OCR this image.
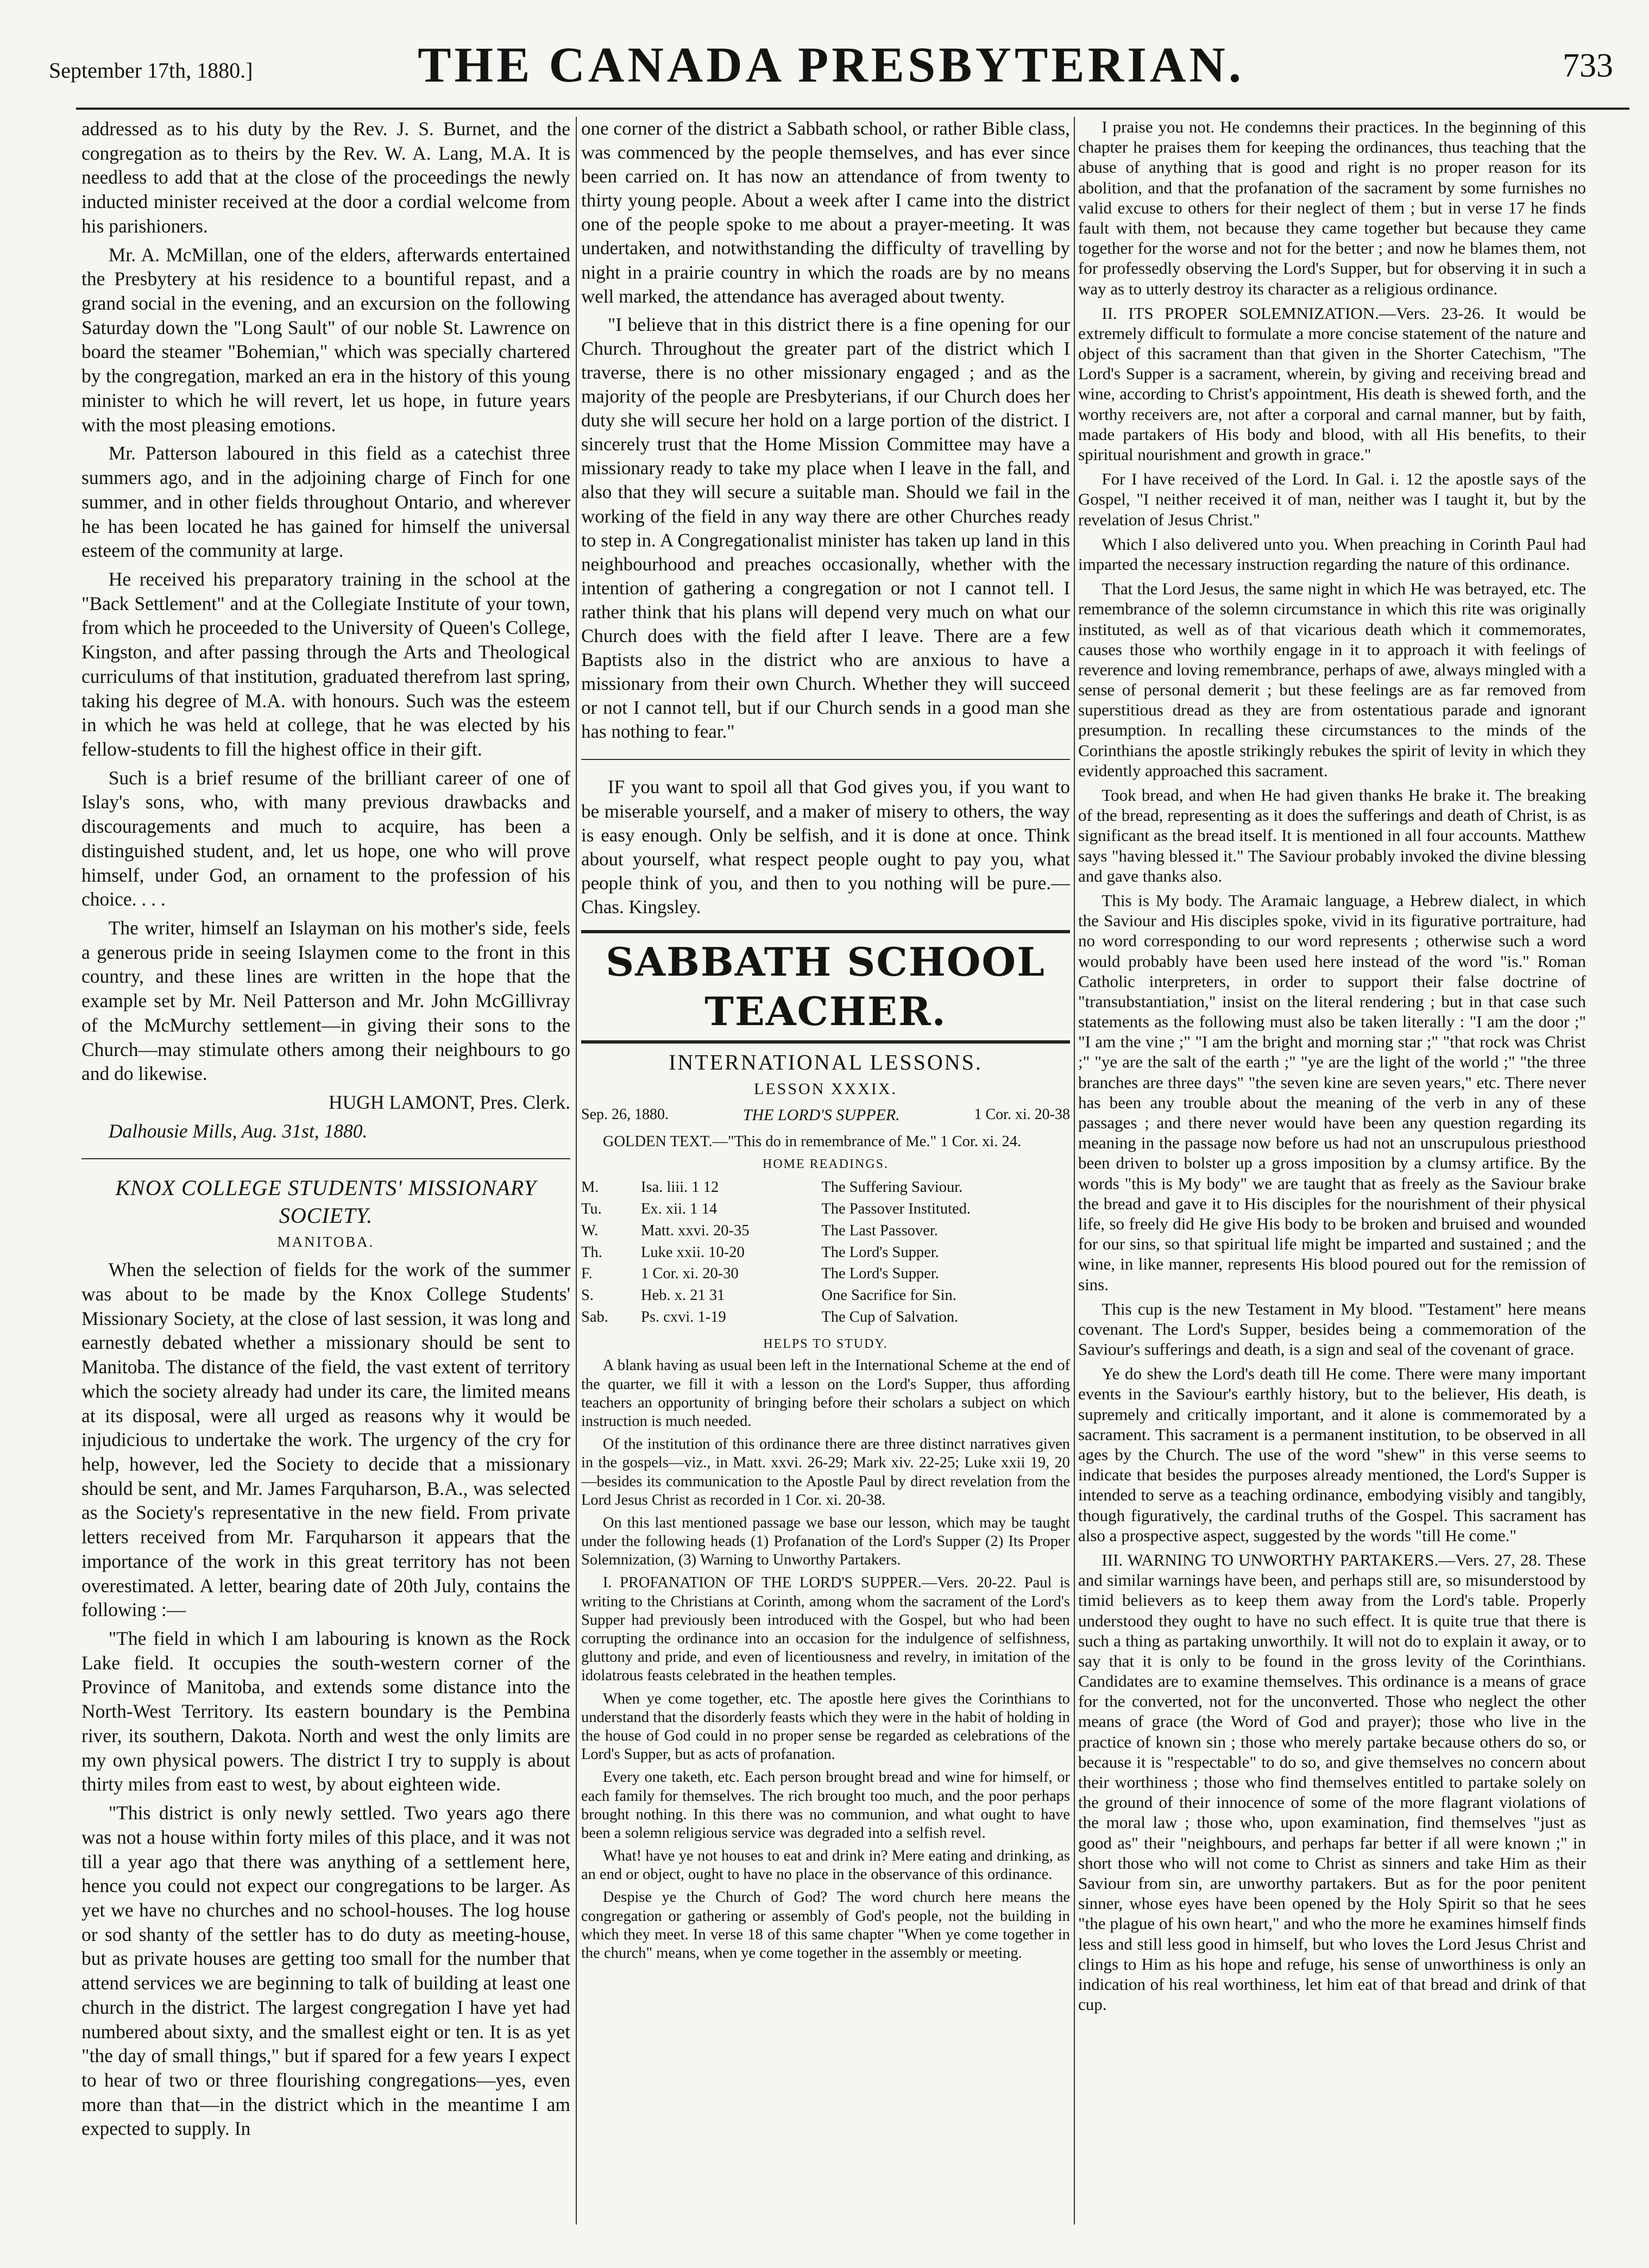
September 17th, 1880.]	THE CANADA PRESBYTERIAN.	733

addressed as to his duty by the Rev. J. S. Burnet, and the congregation as to theirs by the Rev. W. A. Lang, M.A. It is needless to add that at the close of the proceedings the newly inducted minister received at the door a cordial welcome from his parishioners.

Mr. A. McMillan, one of the elders, afterwards entertained the Presbytery at his residence to a bountiful repast, and a grand social in the evening, and an excursion on the following Saturday down the "Long Sault" of our noble St. Lawrence on board the steamer "Bohemian," which was specially chartered by the congregation, marked an era in the history of this young minister to which he will revert, let us hope, in future years with the most pleasing emotions.

Mr. Patterson laboured in this field as a catechist three summers ago, and in the adjoining charge of Finch for one summer, and in other fields throughout Ontario, and wherever he has been located he has gained for himself the universal esteem of the community at large.

He received his preparatory training in the school at the "Back Settlement" and at the Collegiate Institute of your town, from which he proceeded to the University of Queen's College, Kingston, and after passing through the Arts and Theological curriculums of that institution, graduated therefrom last spring, taking his degree of M.A. with honours. Such was the esteem in which he was held at college, that he was elected by his fellow-students to fill the highest office in their gift.

Such is a brief resume of the brilliant career of one of Islay's sons, who, with many previous drawbacks and discouragements and much to acquire, has been a distinguished student, and, let us hope, one who will prove himself, under God, an ornament to the profession of his choice. . . .

The writer, himself an Islayman on his mother's side, feels a generous pride in seeing Islaymen come to the front in this country, and these lines are written in the hope that the example set by Mr. Neil Patterson and Mr. John McGillivray of the McMurchy settlement—in giving their sons to the Church—may stimulate others among their neighbours to go and do likewise.

HUGH LAMONT, Pres. Clerk.

Dalhousie Mills, Aug. 31st, 1880.

KNOX COLLEGE STUDENTS' MISSIONARY SOCIETY.

MANITOBA.

When the selection of fields for the work of the summer was about to be made by the Knox College Students' Missionary Society, at the close of last session, it was long and earnestly debated whether a missionary should be sent to Manitoba. The distance of the field, the vast extent of territory which the society already had under its care, the limited means at its disposal, were all urged as reasons why it would be injudicious to undertake the work. The urgency of the cry for help, however, led the Society to decide that a missionary should be sent, and Mr. James Farquharson, B.A., was selected as the Society's representative in the new field. From private letters received from Mr. Farquharson it appears that the importance of the work in this great territory has not been overestimated. A letter, bearing date of 20th July, contains the following :—

"The field in which I am labouring is known as the Rock Lake field. It occupies the south-western corner of the Province of Manitoba, and extends some distance into the North-West Territory. Its eastern boundary is the Pembina river, its southern, Dakota. North and west the only limits are my own physical powers. The district I try to supply is about thirty miles from east to west, by about eighteen wide.

"This district is only newly settled. Two years ago there was not a house within forty miles of this place, and it was not till a year ago that there was anything of a settlement here, hence you could not expect our congregations to be larger. As yet we have no churches and no school-houses. The log house or sod shanty of the settler has to do duty as meeting-house, but as private houses are getting too small for the number that attend services we are beginning to talk of building at least one church in the district. The largest congregation I have yet had numbered about sixty, and the smallest eight or ten. It is as yet "the day of small things," but if spared for a few years I expect to hear of two or three flourishing congregations—yes, even more than that—in the district which in the meantime I am expected to supply. In

one corner of the district a Sabbath school, or rather Bible class, was commenced by the people themselves, and has ever since been carried on. It has now an attendance of from twenty to thirty young people. About a week after I came into the district one of the people spoke to me about a prayer-meeting. It was undertaken, and notwithstanding the difficulty of travelling by night in a prairie country in which the roads are by no means well marked, the attendance has averaged about twenty.

"I believe that in this district there is a fine opening for our Church. Throughout the greater part of the district which I traverse, there is no other missionary engaged ; and as the majority of the people are Presbyterians, if our Church does her duty she will secure her hold on a large portion of the district. I sincerely trust that the Home Mission Committee may have a missionary ready to take my place when I leave in the fall, and also that they will secure a suitable man. Should we fail in the working of the field in any way there are other Churches ready to step in. A Congregationalist minister has taken up land in this neighbourhood and preaches occasionally, whether with the intention of gathering a congregation or not I cannot tell. I rather think that his plans will depend very much on what our Church does with the field after I leave. There are a few Baptists also in the district who are anxious to have a missionary from their own Church. Whether they will succeed or not I cannot tell, but if our Church sends in a good man she has nothing to fear."

IF you want to spoil all that God gives you, if you want to be miserable yourself, and a maker of misery to others, the way is easy enough. Only be selfish, and it is done at once. Think about yourself, what respect people ought to pay you, what people think of you, and then to you nothing will be pure.—Chas. Kingsley.

SABBATH SCHOOL TEACHER.

INTERNATIONAL LESSONS.

LESSON XXXIX.

Sep. 26, 1880.	THE LORD'S SUPPER.	1 Cor. xi. 20-38

GOLDEN TEXT.—"This do in remembrance of Me." 1 Cor. xi. 24.

HOME READINGS.

M.	Isa. liii. 1 12	The Suffering Saviour.
Tu.	Ex. xii. 1 14	The Passover Instituted.
W.	Matt. xxvi. 20-35	The Last Passover.
Th.	Luke xxii. 10-20	The Lord's Supper.
F.	1 Cor. xi. 20-30	The Lord's Supper.
S.	Heb. x. 21 31	One Sacrifice for Sin.
Sab.	Ps. cxvi. 1-19	The Cup of Salvation.

HELPS TO STUDY.

A blank having as usual been left in the International Scheme at the end of the quarter, we fill it with a lesson on the Lord's Supper, thus affording teachers an opportunity of bringing before their scholars a subject on which instruction is much needed.

Of the institution of this ordinance there are three distinct narratives given in the gospels—viz., in Matt. xxvi. 26-29; Mark xiv. 22-25; Luke xxii 19, 20—besides its communication to the Apostle Paul by direct revelation from the Lord Jesus Christ as recorded in 1 Cor. xi. 20-38.

On this last mentioned passage we base our lesson, which may be taught under the following heads (1) Profanation of the Lord's Supper (2) Its Proper Solemnization, (3) Warning to Unworthy Partakers.

I. PROFANATION OF THE LORD'S SUPPER.—Vers. 20-22. Paul is writing to the Christians at Corinth, among whom the sacrament of the Lord's Supper had previously been introduced with the Gospel, but who had been corrupting the ordinance into an occasion for the indulgence of selfishness, gluttony and pride, and even of licentiousness and revelry, in imitation of the idolatrous feasts celebrated in the heathen temples.

When ye come together, etc. The apostle here gives the Corinthians to understand that the disorderly feasts which they were in the habit of holding in the house of God could in no proper sense be regarded as celebrations of the Lord's Supper, but as acts of profanation.

Every one taketh, etc. Each person brought bread and wine for himself, or each family for themselves. The rich brought too much, and the poor perhaps brought nothing. In this there was no communion, and what ought to have been a solemn religious service was degraded into a selfish revel.

What! have ye not houses to eat and drink in? Mere eating and drinking, as an end or object, ought to have no place in the observance of this ordinance.

Despise ye the Church of God? The word church here means the congregation or gathering or assembly of God's people, not the building in which they meet. In verse 18 of this same chapter "When ye come together in the church" means, when ye come together in the assembly or meeting.

I praise you not. He condemns their practices. In the beginning of this chapter he praises them for keeping the ordinances, thus teaching that the abuse of anything that is good and right is no proper reason for its abolition, and that the profanation of the sacrament by some furnishes no valid excuse to others for their neglect of them ; but in verse 17 he finds fault with them, not because they came together but because they came together for the worse and not for the better ; and now he blames them, not for professedly observing the Lord's Supper, but for observing it in such a way as to utterly destroy its character as a religious ordinance.

II. ITS PROPER SOLEMNIZATION.—Vers. 23-26. It would be extremely difficult to formulate a more concise statement of the nature and object of this sacrament than that given in the Shorter Catechism, "The Lord's Supper is a sacrament, wherein, by giving and receiving bread and wine, according to Christ's appointment, His death is shewed forth, and the worthy receivers are, not after a corporal and carnal manner, but by faith, made partakers of His body and blood, with all His benefits, to their spiritual nourishment and growth in grace."

For I have received of the Lord. In Gal. i. 12 the apostle says of the Gospel, "I neither received it of man, neither was I taught it, but by the revelation of Jesus Christ."

Which I also delivered unto you. When preaching in Corinth Paul had imparted the necessary instruction regarding the nature of this ordinance.

That the Lord Jesus, the same night in which He was betrayed, etc. The remembrance of the solemn circumstance in which this rite was originally instituted, as well as of that vicarious death which it commemorates, causes those who worthily engage in it to approach it with feelings of reverence and loving remembrance, perhaps of awe, always mingled with a sense of personal demerit ; but these feelings are as far removed from superstitious dread as they are from ostentatious parade and ignorant presumption. In recalling these circumstances to the minds of the Corinthians the apostle strikingly rebukes the spirit of levity in which they evidently approached this sacrament.

Took bread, and when He had given thanks He brake it. The breaking of the bread, representing as it does the sufferings and death of Christ, is as significant as the bread itself. It is mentioned in all four accounts. Matthew says "having blessed it." The Saviour probably invoked the divine blessing and gave thanks also.

This is My body. The Aramaic language, a Hebrew dialect, in which the Saviour and His disciples spoke, vivid in its figurative portraiture, had no word corresponding to our word represents ; otherwise such a word would probably have been used here instead of the word "is." Roman Catholic interpreters, in order to support their false doctrine of "transubstantiation," insist on the literal rendering ; but in that case such statements as the following must also be taken literally : "I am the door ;" "I am the vine ;" "I am the bright and morning star ;" "that rock was Christ ;" "ye are the salt of the earth ;" "ye are the light of the world ;" "the three branches are three days" "the seven kine are seven years," etc. There never has been any trouble about the meaning of the verb in any of these passages ; and there never would have been any question regarding its meaning in the passage now before us had not an unscrupulous priesthood been driven to bolster up a gross imposition by a clumsy artifice. By the words "this is My body" we are taught that as freely as the Saviour brake the bread and gave it to His disciples for the nourishment of their physical life, so freely did He give His body to be broken and bruised and wounded for our sins, so that spiritual life might be imparted and sustained ; and the wine, in like manner, represents His blood poured out for the remission of sins.

This cup is the new Testament in My blood. "Testament" here means covenant. The Lord's Supper, besides being a commemoration of the Saviour's sufferings and death, is a sign and seal of the covenant of grace.

Ye do shew the Lord's death till He come. There were many important events in the Saviour's earthly history, but to the believer, His death, is supremely and critically important, and it alone is commemorated by a sacrament. This sacrament is a permanent institution, to be observed in all ages by the Church. The use of the word "shew" in this verse seems to indicate that besides the purposes already mentioned, the Lord's Supper is intended to serve as a teaching ordinance, embodying visibly and tangibly, though figuratively, the cardinal truths of the Gospel. This sacrament has also a prospective aspect, suggested by the words "till He come."

III. WARNING TO UNWORTHY PARTAKERS.—Vers. 27, 28. These and similar warnings have been, and perhaps still are, so misunderstood by timid believers as to keep them away from the Lord's table. Properly understood they ought to have no such effect. It is quite true that there is such a thing as partaking unworthily. It will not do to explain it away, or to say that it is only to be found in the gross levity of the Corinthians. Candidates are to examine themselves. This ordinance is a means of grace for the converted, not for the unconverted. Those who neglect the other means of grace (the Word of God and prayer); those who live in the practice of known sin ; those who merely partake because others do so, or because it is "respectable" to do so, and give themselves no concern about their worthiness ; those who find themselves entitled to partake solely on the ground of their innocence of some of the more flagrant violations of the moral law ; those who, upon examination, find themselves "just as good as" their "neighbours, and perhaps far better if all were known ;" in short those who will not come to Christ as sinners and take Him as their Saviour from sin, are unworthy partakers. But as for the poor penitent sinner, whose eyes have been opened by the Holy Spirit so that he sees "the plague of his own heart," and who the more he examines himself finds less and still less good in himself, but who loves the Lord Jesus Christ and clings to Him as his hope and refuge, his sense of unworthiness is only an indication of his real worthiness, let him eat of that bread and drink of that cup.
